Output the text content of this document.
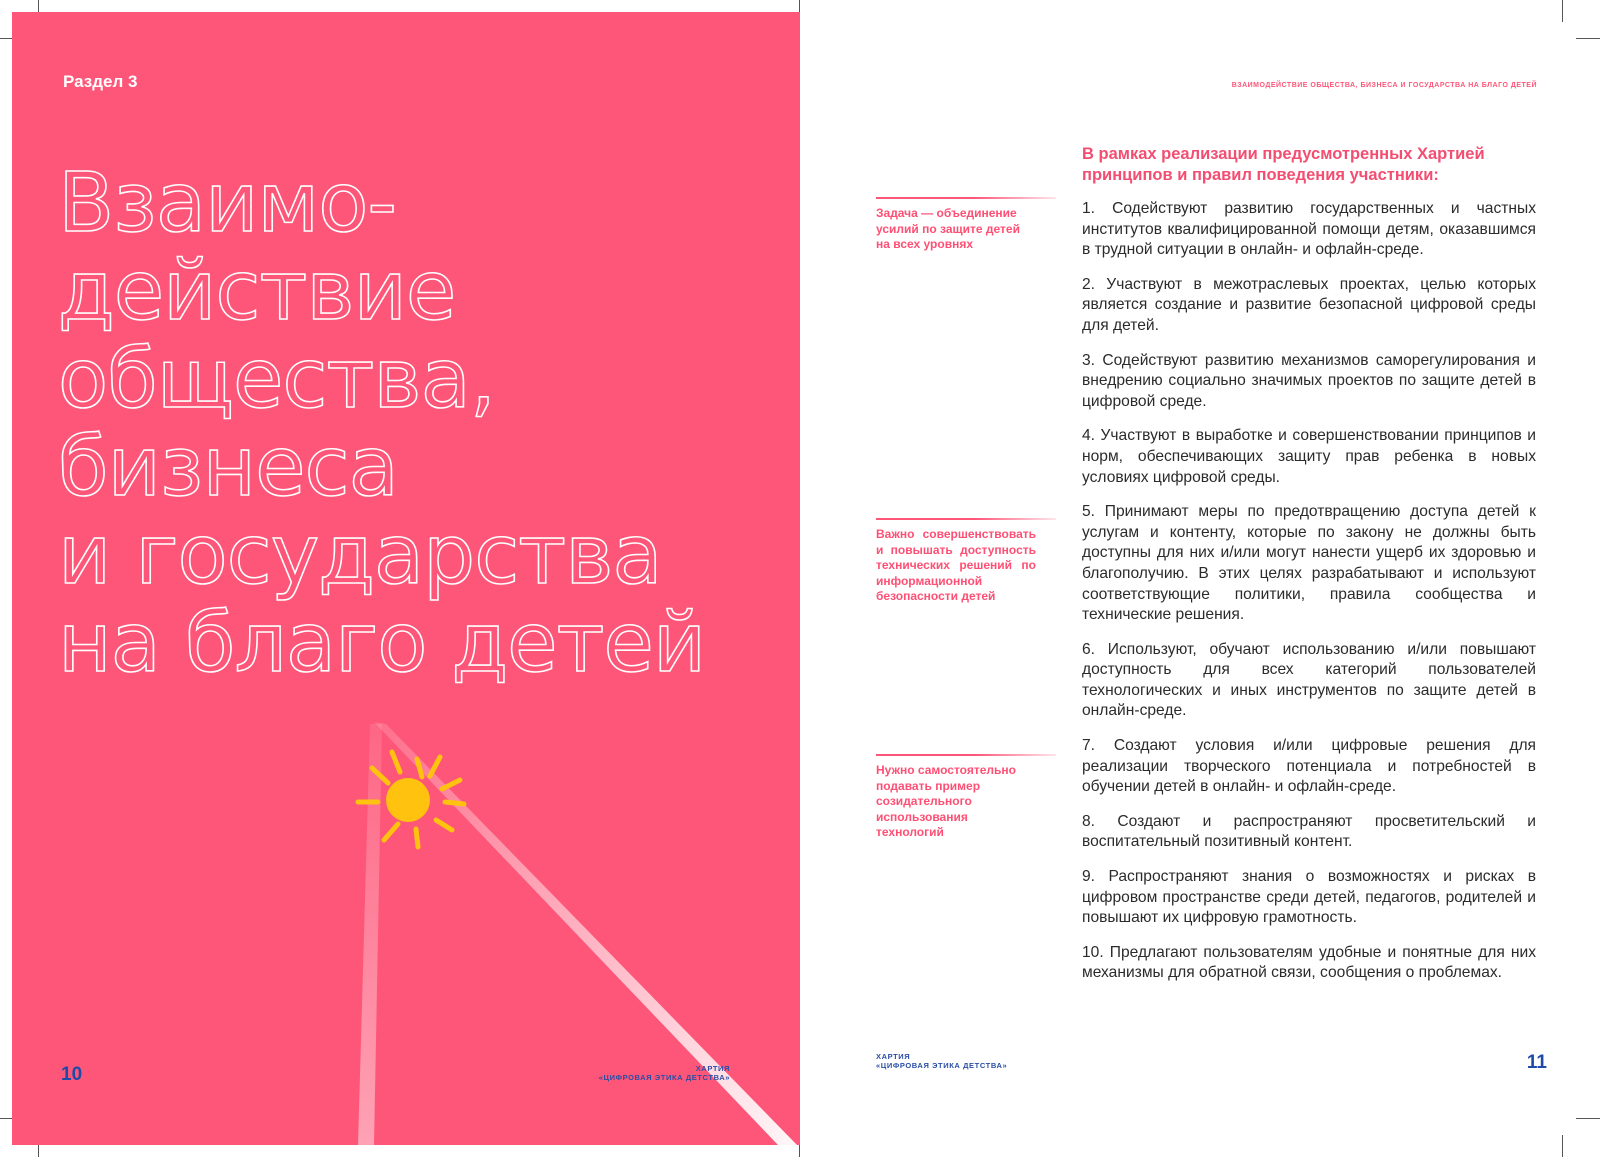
Раздел 3
Взаимо-
действие
общества,
бизнеса
и государства
на благо детей
10	ХАРТИЯ
«ЦИФРОВАЯ ЭТИКА ДЕТСТВА»
ВЗАИМОДЕЙСТВИЕ ОБЩЕСТВА, БИЗНЕСА И ГОСУДАРСТВА НА БЛАГО ДЕТЕЙ
В рамках реализации предусмотренных Хартией принципов и правил поведения участники:
Задача — объединение усилий по защите детей на всех уровнях
Важно совершенствовать и повышать доступность технических решений по информационной безопасности детей
Нужно самостоятельно подавать пример созидательного использования технологий

1. Содействуют развитию государственных и частных институтов квалифицированной помощи детям, оказавшимся в трудной ситуации в онлайн- и офлайн-среде.

2. Участвуют в межотраслевых проектах, целью которых является создание и развитие безопасной цифровой среды для детей.

3. Содействуют развитию механизмов саморегулирования и внедрению социально значимых проектов по защите детей в цифровой среде.

4. Участвуют в выработке и совершенствовании принципов и норм, обеспечивающих защиту прав ребенка в новых условиях цифровой среды.

5. Принимают меры по предотвращению доступа детей к услугам и контенту, которые по закону не должны быть доступны для них и/или могут нанести ущерб их здоровью и благополучию. В этих целях разрабатывают и используют соответствующие политики, правила сообщества и технические решения.

6. Используют, обучают использованию и/или повышают доступность для всех категорий пользователей технологических и иных инструментов по защите детей в онлайн-среде.

7. Создают условия и/или цифровые решения для реализации творческого потенциала и потребностей в обучении детей в онлайн- и офлайн-среде.

8. Создают и распространяют просветительский и воспитательный позитивный контент.

9. Распространяют знания о возможностях и рисках в цифровом пространстве среди детей, педагогов, родителей и повышают их цифровую грамотность.

10. Предлагают пользователям удобные и понятные для них механизмы для обратной связи, сообщения о проблемах.

ХАРТИЯ
«ЦИФРОВАЯ ЭТИКА ДЕТСТВА»	11
